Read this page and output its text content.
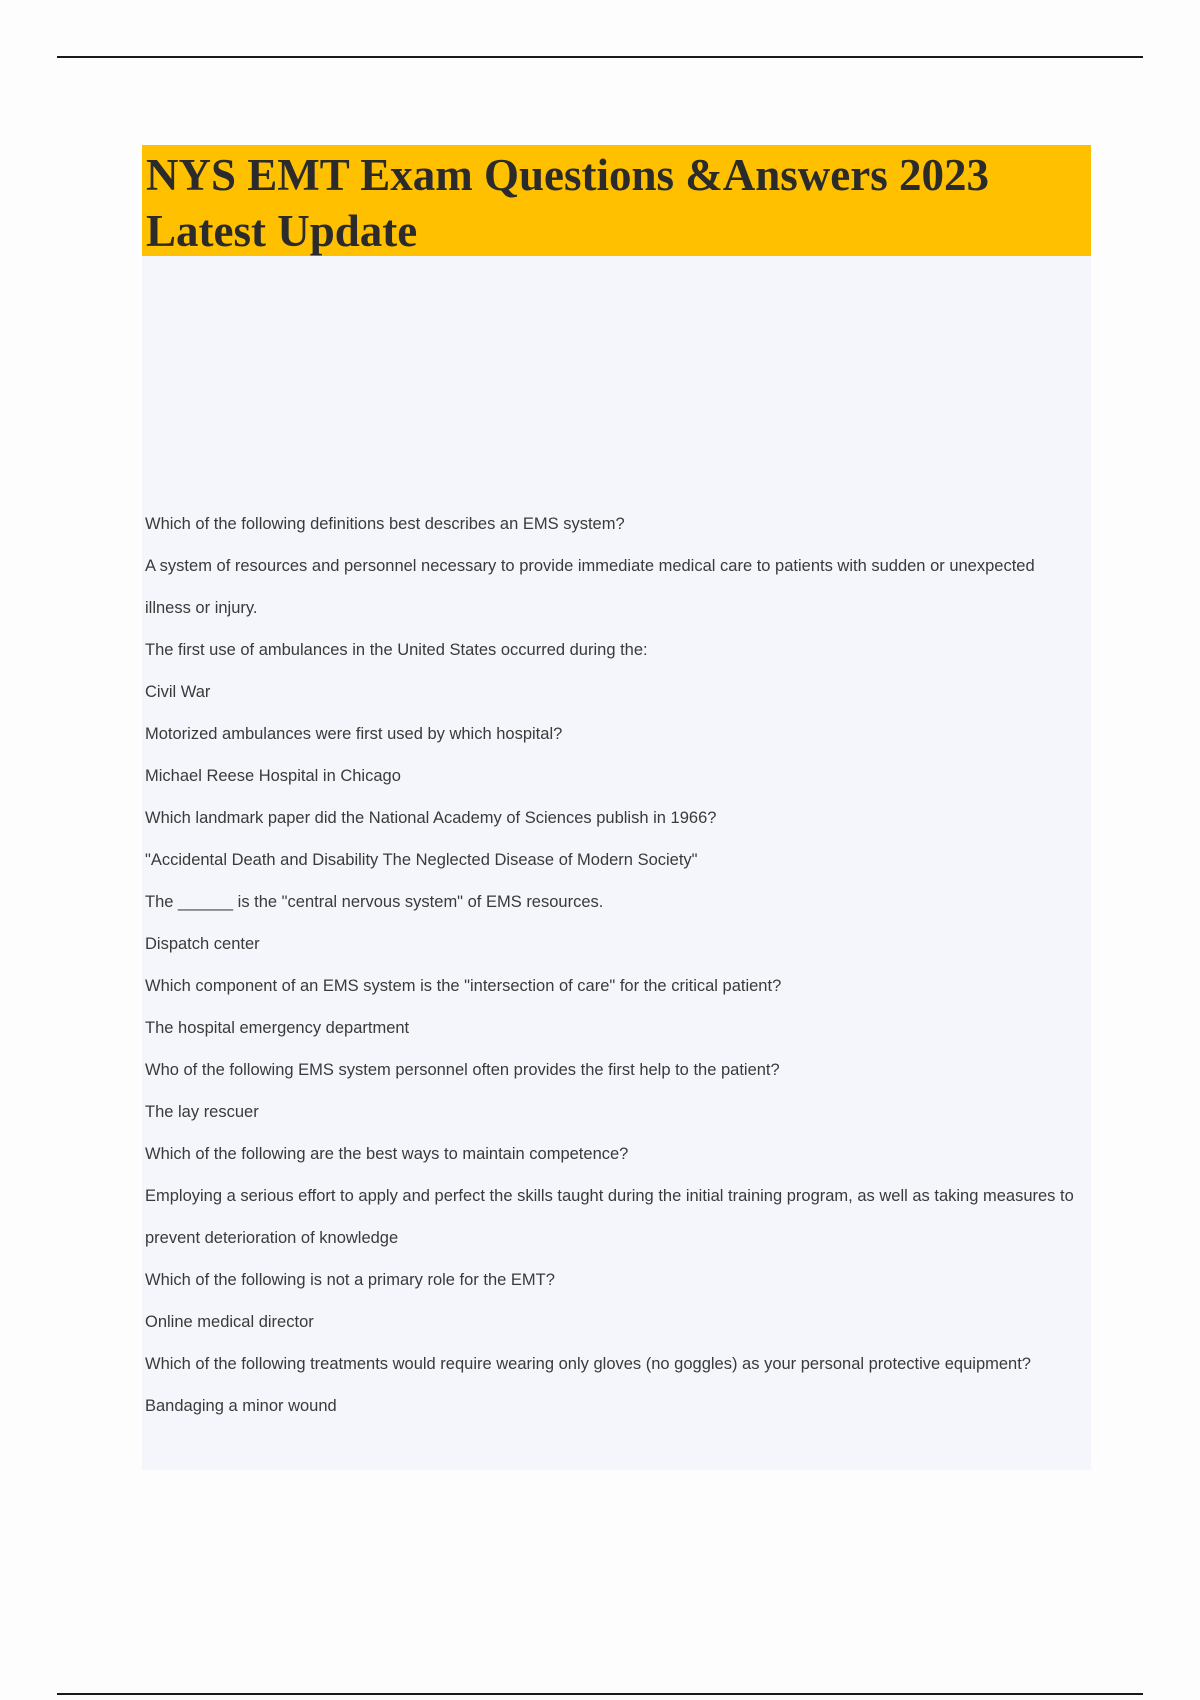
NYS EMT Exam Questions &Answers 2023 Latest Update
Which of the following definitions best describes an EMS system?
A system of resources and personnel necessary to provide immediate medical care to patients with sudden or unexpected illness or injury.
The first use of ambulances in the United States occurred during the:
Civil War
Motorized ambulances were first used by which hospital?
Michael Reese Hospital in Chicago
Which landmark paper did the National Academy of Sciences publish in 1966?
"Accidental Death and Disability The Neglected Disease of Modern Society"
The ______ is the "central nervous system" of EMS resources.
Dispatch center
Which component of an EMS system is the "intersection of care" for the critical patient?
The hospital emergency department
Who of the following EMS system personnel often provides the first help to the patient?
The lay rescuer
Which of the following are the best ways to maintain competence?
Employing a serious effort to apply and perfect the skills taught during the initial training program, as well as taking measures to prevent deterioration of knowledge
Which of the following is not a primary role for the EMT?
Online medical director
Which of the following treatments would require wearing only gloves (no goggles) as your personal protective equipment?
Bandaging a minor wound
